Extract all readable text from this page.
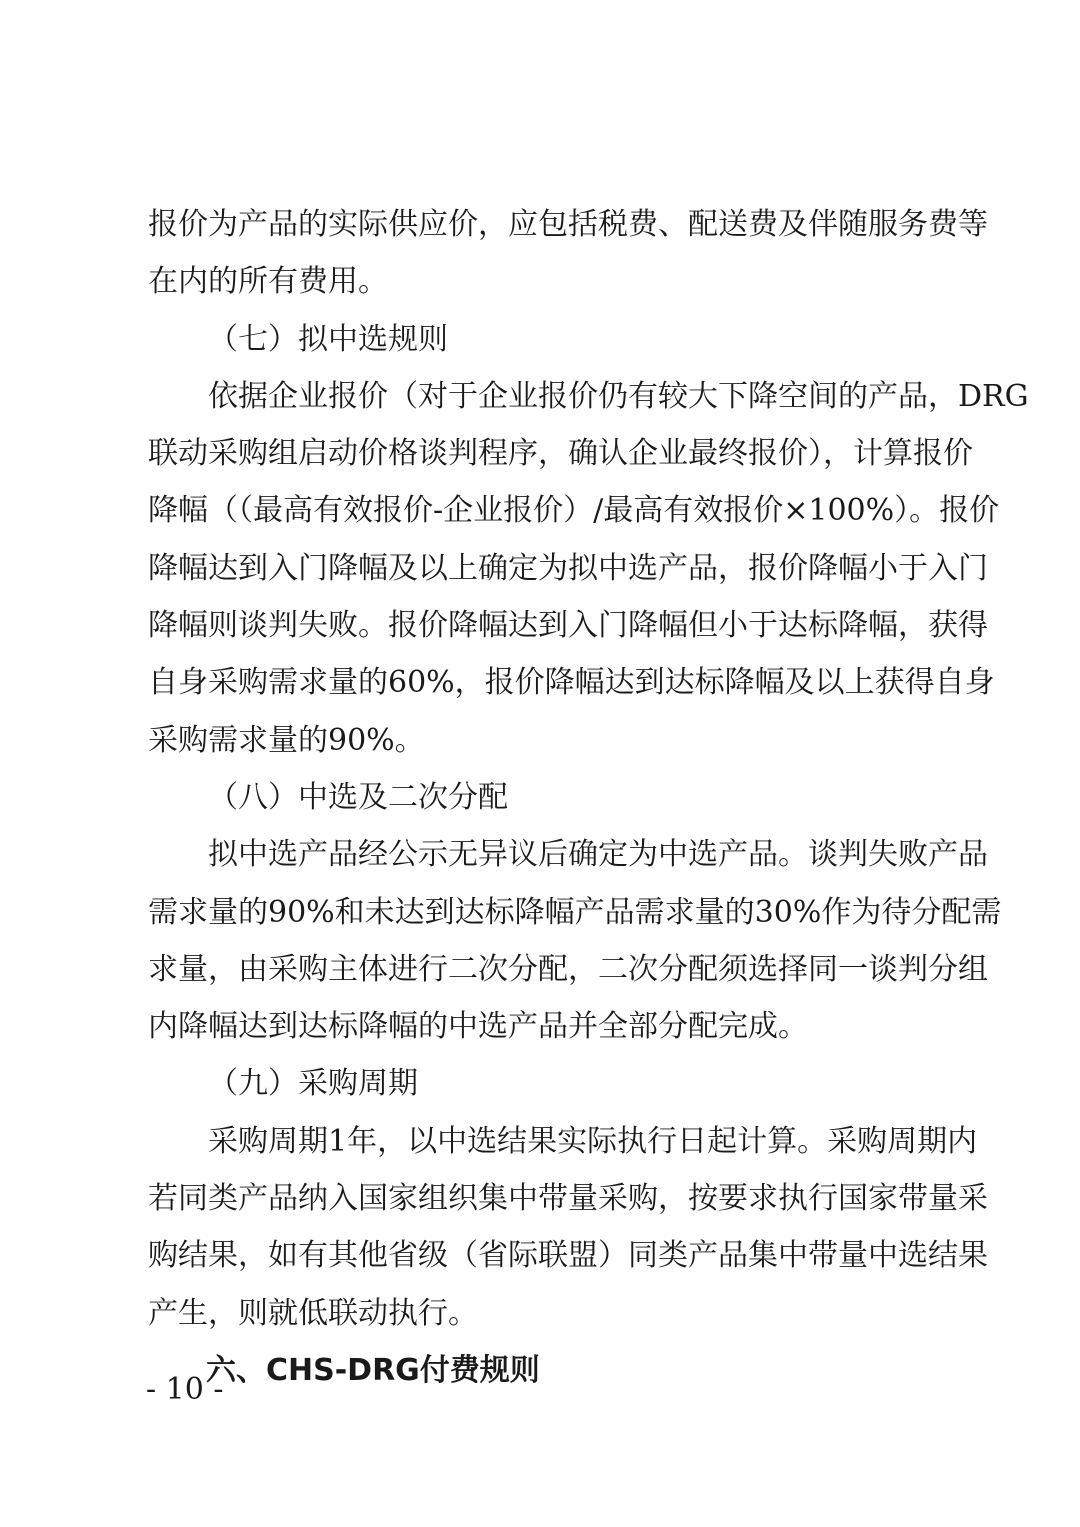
报价为产品的实际供应价，应包括税费、配送费及伴随服务费等
在内的所有费用。
（七）拟中选规则
依据企业报价（对于企业报价仍有较大下降空间的产品，DRG
联动采购组启动价格谈判程序，确认企业最终报价），计算报价
降幅（（最高有效报价-企业报价）/最高有效报价×100%）。报价
降幅达到入门降幅及以上确定为拟中选产品，报价降幅小于入门
降幅则谈判失败。报价降幅达到入门降幅但小于达标降幅，获得
自身采购需求量的60%，报价降幅达到达标降幅及以上获得自身
采购需求量的90%。
（八）中选及二次分配
拟中选产品经公示无异议后确定为中选产品。谈判失败产品
需求量的90%和未达到达标降幅产品需求量的30%作为待分配需
求量，由采购主体进行二次分配，二次分配须选择同一谈判分组
内降幅达到达标降幅的中选产品并全部分配完成。
（九）采购周期
采购周期1年，以中选结果实际执行日起计算。采购周期内
若同类产品纳入国家组织集中带量采购，按要求执行国家带量采
购结果，如有其他省级（省际联盟）同类产品集中带量中选结果
产生，则就低联动执行。
六、CHS-DRG付费规则
- 10 -
